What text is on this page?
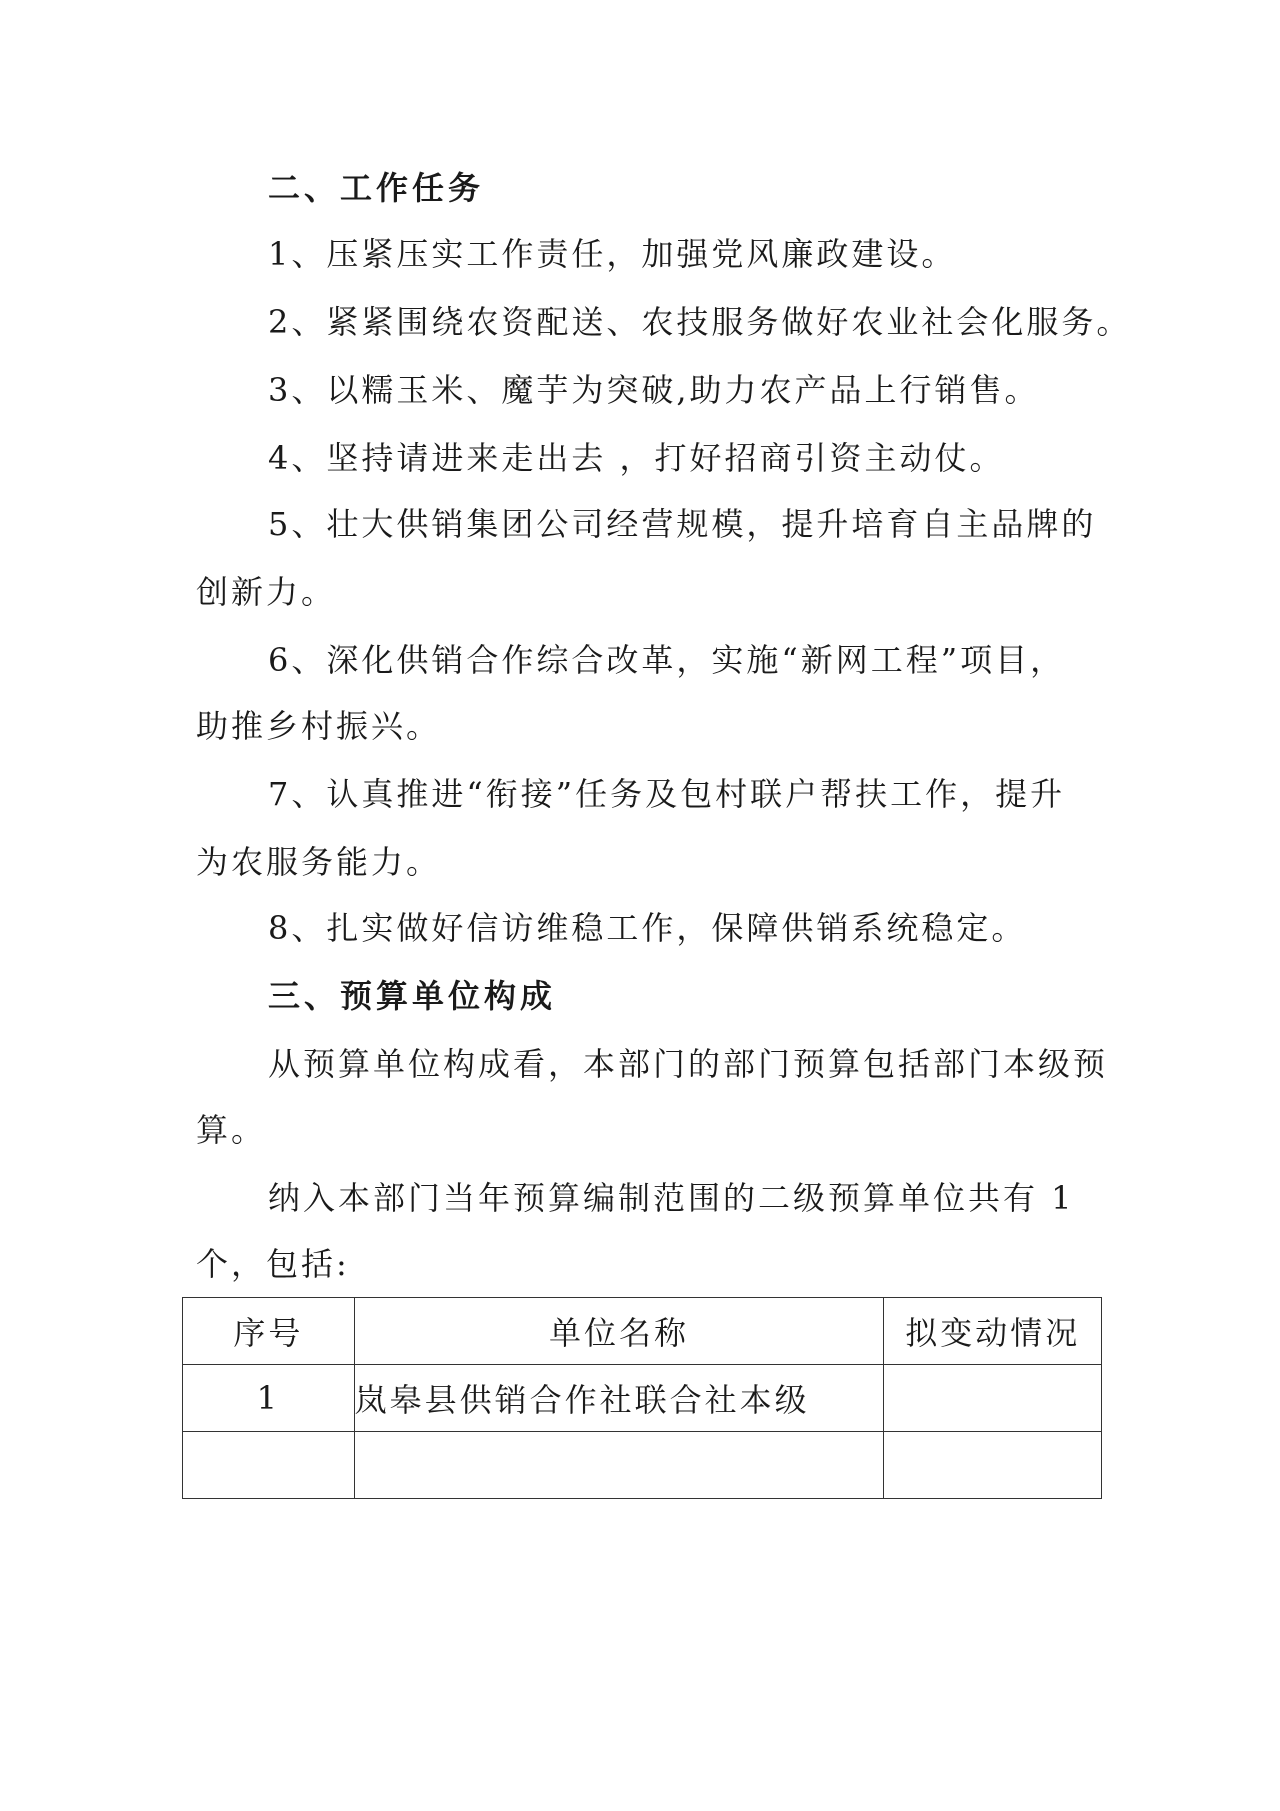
二、工作任务
1、压紧压实工作责任，加强党风廉政建设。
2、紧紧围绕农资配送、农技服务做好农业社会化服务。
3、以糯玉米、魔芋为突破,助力农产品上行销售。
4、坚持请进来走出去 ，打好招商引资主动仗。
5、壮大供销集团公司经营规模，提升培育自主品牌的
创新力。
6、深化供销合作综合改革，实施“新网工程”项目，
助推乡村振兴。
7、认真推进“衔接”任务及包村联户帮扶工作，提升
为农服务能力。
8、扎实做好信访维稳工作，保障供销系统稳定。
三、预算单位构成
从预算单位构成看，本部门的部门预算包括部门本级预
算。
纳入本部门当年预算编制范围的二级预算单位共有 1
个，包括:
序号	单位名称	拟变动情况
1	岚皋县供销合作社联合社本级	
